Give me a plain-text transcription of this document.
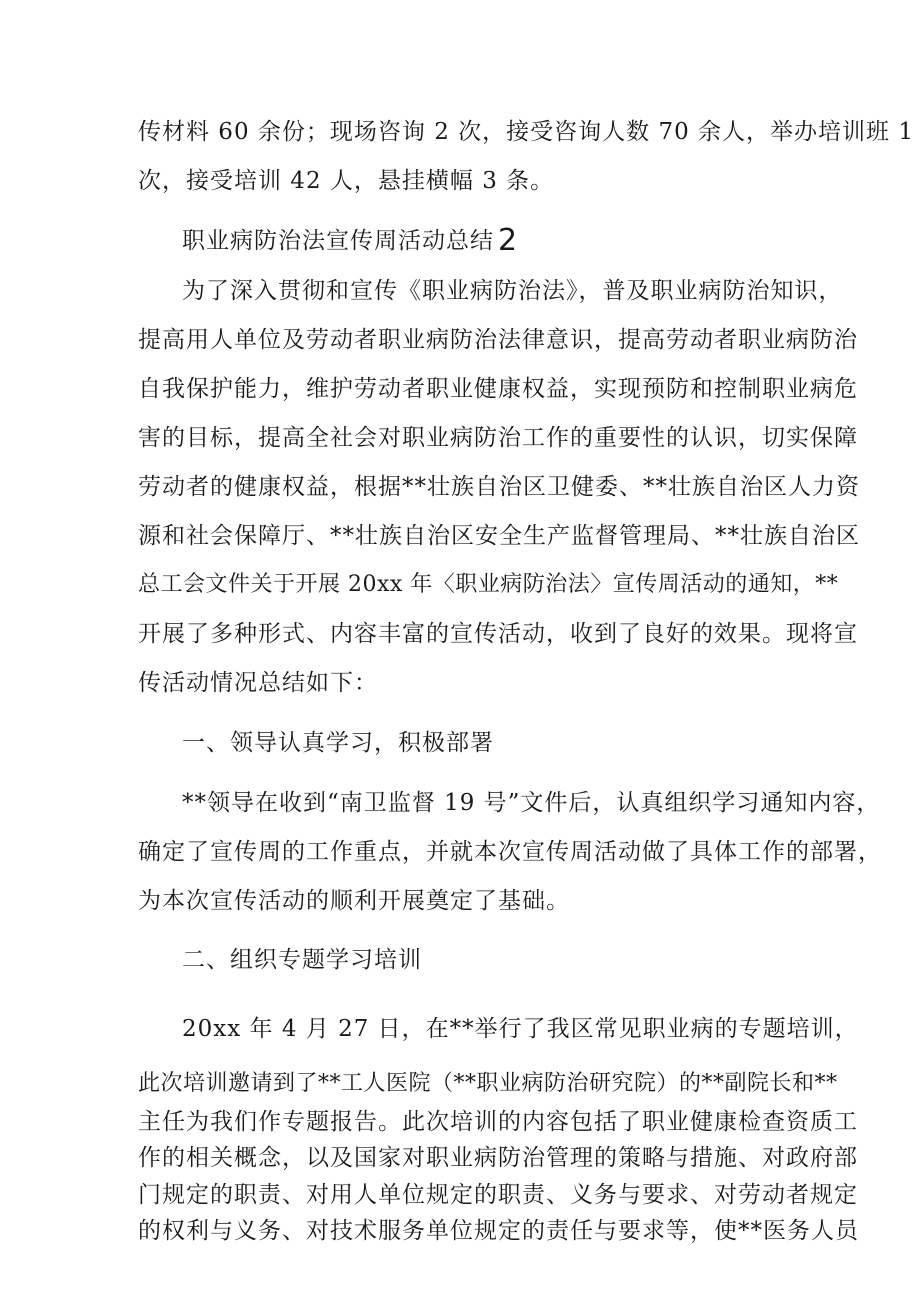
传材料 60 余份；现场咨询 2 次，接受咨询人数 70 余人，举办培训班 1
次，接受培训 42 人，悬挂横幅 3 条。
职业病防治法宣传周活动总结 2
为了深入贯彻和宣传《职业病防治法》，普及职业病防治知识，
提高用人单位及劳动者职业病防治法律意识，提高劳动者职业病防治
自我保护能力，维护劳动者职业健康权益，实现预防和控制职业病危
害的目标，提高全社会对职业病防治工作的重要性的认识，切实保障
劳动者的健康权益，根据**壮族自治区卫健委、**壮族自治区人力资
源和社会保障厅、**壮族自治区安全生产监督管理局、**壮族自治区
总工会文件关于开展 20xx 年〈职业病防治法〉宣传周活动的通知，**
开展了多种形式、内容丰富的宣传活动，收到了良好的效果。现将宣
传活动情况总结如下：
一、领导认真学习，积极部署
**领导在收到“南卫监督 19 号”文件后，认真组织学习通知内容，
确定了宣传周的工作重点，并就本次宣传周活动做了具体工作的部署，
为本次宣传活动的顺利开展奠定了基础。
二、组织专题学习培训
20xx 年 4 月 27 日，在**举行了我区常见职业病的专题培训，
此次培训邀请到了**工人医院（**职业病防治研究院）的**副院长和**
主任为我们作专题报告。此次培训的内容包括了职业健康检查资质工
作的相关概念，以及国家对职业病防治管理的策略与措施、对政府部
门规定的职责、对用人单位规定的职责、义务与要求、对劳动者规定
的权利与义务、对技术服务单位规定的责任与要求等，使**医务人员
